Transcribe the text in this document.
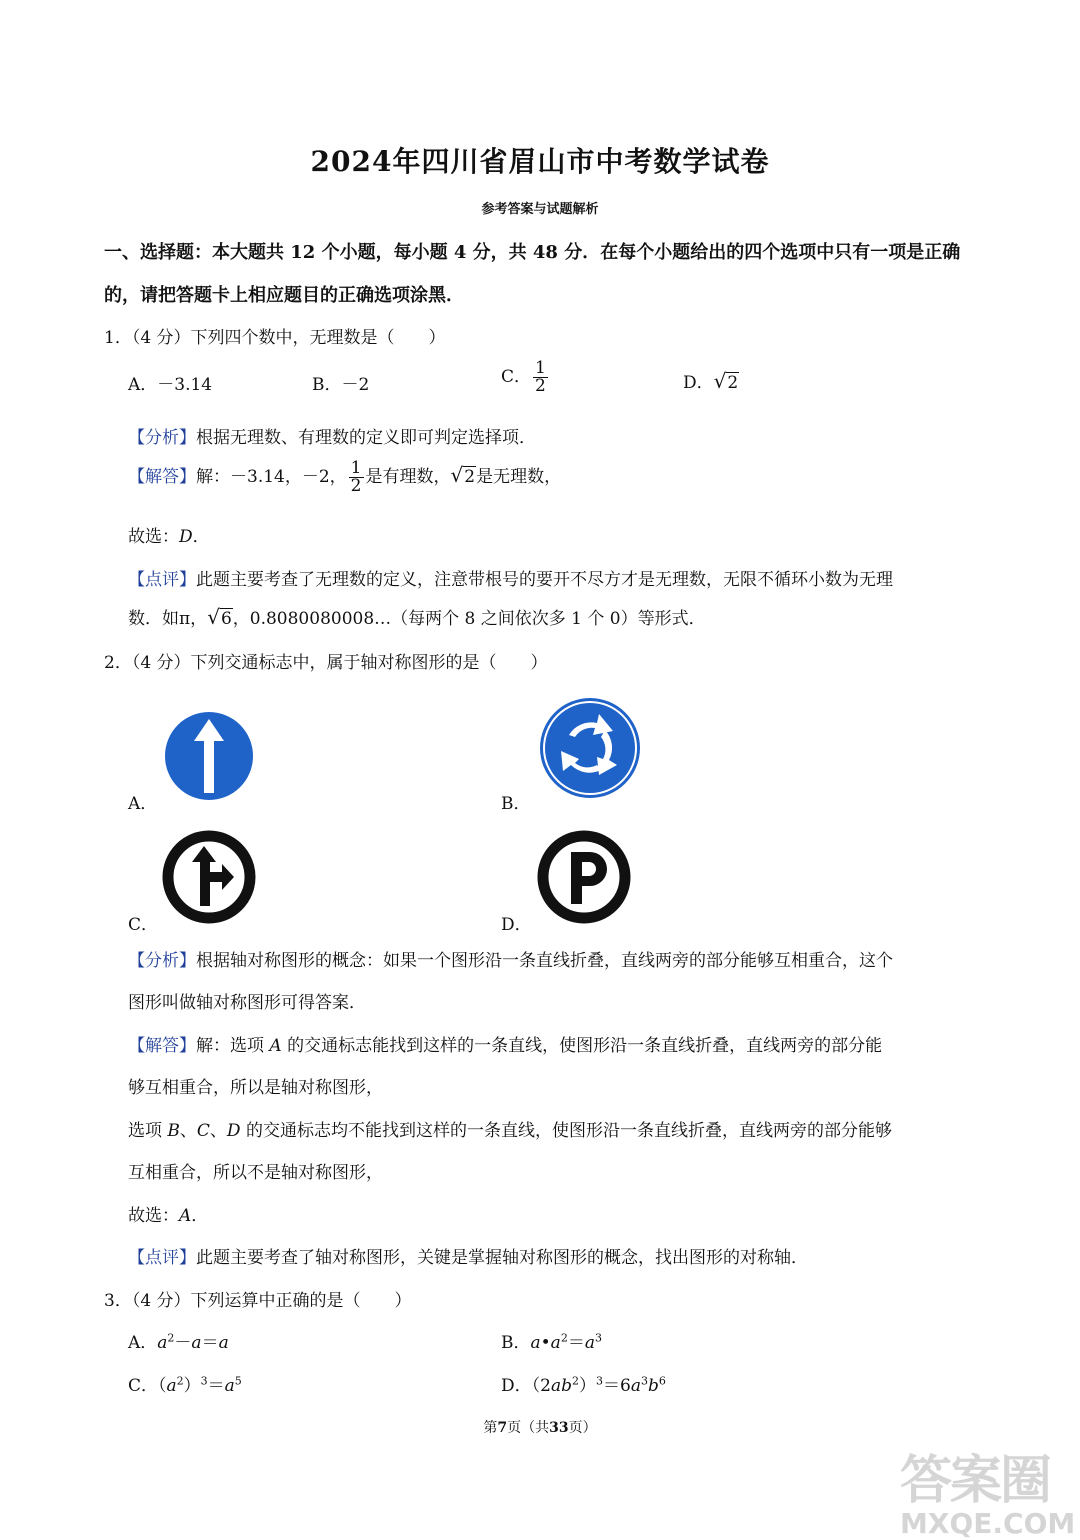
2024年四川省眉山市中考数学试卷
参考答案与试题解析
一、选择题：本大题共 12 个小题，每小题 4 分，共 48 分．在每个小题给出的四个选项中只有一项是正确
的，请把答题卡上相应题目的正确选项涂黑．
1．（4 分）下列四个数中，无理数是（　　）
A．－3.14	B．－2	C． $\frac{1}{2}$	D．√2
【分析】根据无理数、有理数的定义即可判定选择项．
【解答】解：－3.14，－2， $\frac{1}{2}$ 是有理数，√2是无理数，
故选：D．
【点评】此题主要考查了无理数的定义，注意带根号的要开不尽方才是无理数，无限不循环小数为无理
数．如π，√6，0.8080080008…（每两个 8 之间依次多 1 个 0）等形式．
2．（4 分）下列交通标志中，属于轴对称图形的是（　　）
A．	B．
C．	D．
【分析】根据轴对称图形的概念：如果一个图形沿一条直线折叠，直线两旁的部分能够互相重合，这个
图形叫做轴对称图形可得答案．
【解答】解：选项 A 的交通标志能找到这样的一条直线，使图形沿一条直线折叠，直线两旁的部分能
够互相重合，所以是轴对称图形，
选项 B、C、D 的交通标志均不能找到这样的一条直线，使图形沿一条直线折叠，直线两旁的部分能够
互相重合，所以不是轴对称图形，
故选：A．
【点评】此题主要考查了轴对称图形，关键是掌握轴对称图形的概念，找出图形的对称轴．
3．（4 分）下列运算中正确的是（　　）
A．$a^2-a=a$	B．$a•a^2=a^3$
C．$(a^2)^3=a^5$	D．$(2ab^2)^3=6a^3b^6$
第7页（共33页）
答案圈
MXQE.COM
